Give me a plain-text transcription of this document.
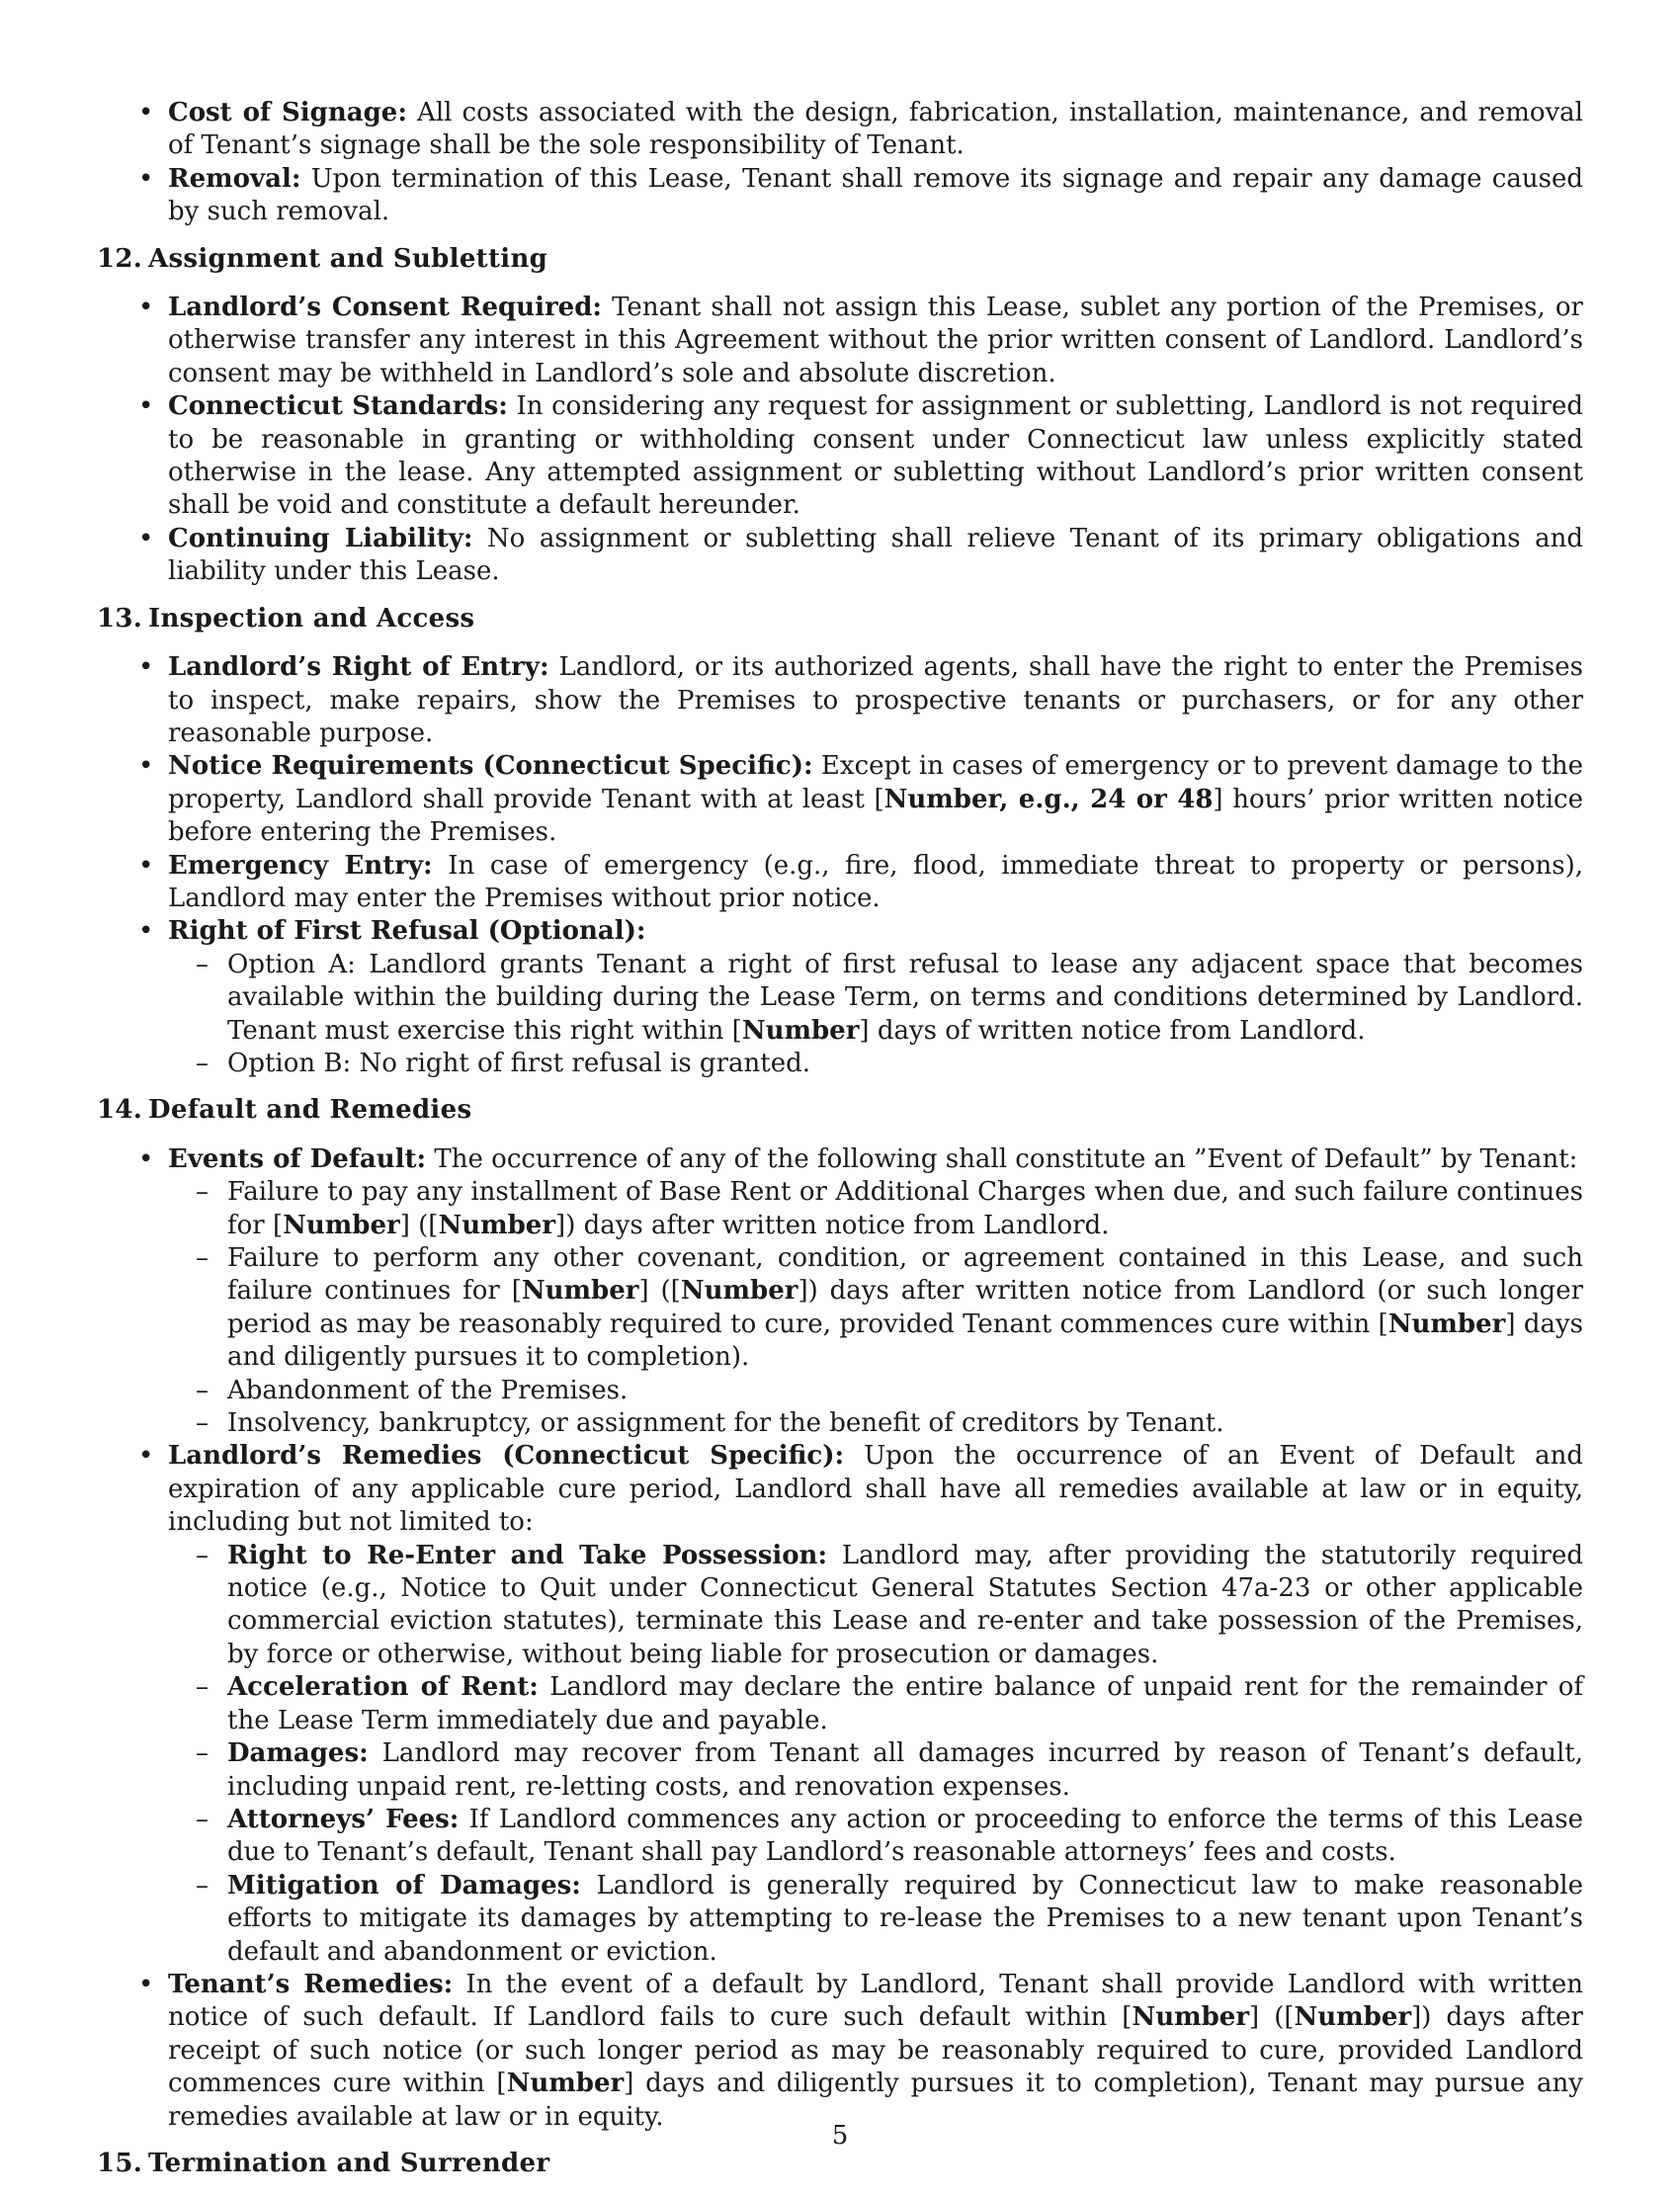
• Cost of Signage: All costs associated with the design, fabrication, installation, maintenance, and removal of Tenant’s signage shall be the sole responsibility of Tenant.
• Removal: Upon termination of this Lease, Tenant shall remove its signage and repair any damage caused by such removal.
12. Assignment and Subletting
• Landlord’s Consent Required: Tenant shall not assign this Lease, sublet any portion of the Premises, or otherwise transfer any interest in this Agreement without the prior written consent of Landlord. Landlord’s consent may be withheld in Landlord’s sole and absolute discretion.
• Connecticut Standards: In considering any request for assignment or subletting, Landlord is not required to be reasonable in granting or withholding consent under Connecticut law unless explicitly stated otherwise in the lease. Any attempted assignment or subletting without Landlord’s prior written consent shall be void and constitute a default hereunder.
• Continuing Liability: No assignment or subletting shall relieve Tenant of its primary obligations and liability under this Lease.
13. Inspection and Access
• Landlord’s Right of Entry: Landlord, or its authorized agents, shall have the right to enter the Premises to inspect, make repairs, show the Premises to prospective tenants or purchasers, or for any other reasonable purpose.
• Notice Requirements (Connecticut Specific): Except in cases of emergency or to prevent damage to the property, Landlord shall provide Tenant with at least [Number, e.g., 24 or 48] hours’ prior written notice before entering the Premises.
• Emergency Entry: In case of emergency (e.g., fire, flood, immediate threat to property or persons), Landlord may enter the Premises without prior notice.
• Right of First Refusal (Optional):
– Option A: Landlord grants Tenant a right of first refusal to lease any adjacent space that becomes available within the building during the Lease Term, on terms and conditions determined by Landlord. Tenant must exercise this right within [Number] days of written notice from Landlord.
– Option B: No right of first refusal is granted.
14. Default and Remedies
• Events of Default: The occurrence of any of the following shall constitute an ”Event of Default” by Tenant:
– Failure to pay any installment of Base Rent or Additional Charges when due, and such failure continues for [Number] ([Number]) days after written notice from Landlord.
– Failure to perform any other covenant, condition, or agreement contained in this Lease, and such failure continues for [Number] ([Number]) days after written notice from Landlord (or such longer period as may be reasonably required to cure, provided Tenant commences cure within [Number] days and diligently pursues it to completion).
– Abandonment of the Premises.
– Insolvency, bankruptcy, or assignment for the benefit of creditors by Tenant.
• Landlord’s Remedies (Connecticut Specific): Upon the occurrence of an Event of Default and expiration of any applicable cure period, Landlord shall have all remedies available at law or in equity, including but not limited to:
– Right to Re-Enter and Take Possession: Landlord may, after providing the statutorily required notice (e.g., Notice to Quit under Connecticut General Statutes Section 47a-23 or other applicable commercial eviction statutes), terminate this Lease and re-enter and take possession of the Premises, by force or otherwise, without being liable for prosecution or damages.
– Acceleration of Rent: Landlord may declare the entire balance of unpaid rent for the remainder of the Lease Term immediately due and payable.
– Damages: Landlord may recover from Tenant all damages incurred by reason of Tenant’s default, including unpaid rent, re-letting costs, and renovation expenses.
– Attorneys’ Fees: If Landlord commences any action or proceeding to enforce the terms of this Lease due to Tenant’s default, Tenant shall pay Landlord’s reasonable attorneys’ fees and costs.
– Mitigation of Damages: Landlord is generally required by Connecticut law to make reasonable efforts to mitigate its damages by attempting to re-lease the Premises to a new tenant upon Tenant’s default and abandonment or eviction.
• Tenant’s Remedies: In the event of a default by Landlord, Tenant shall provide Landlord with written notice of such default. If Landlord fails to cure such default within [Number] ([Number]) days after receipt of such notice (or such longer period as may be reasonably required to cure, provided Landlord commences cure within [Number] days and diligently pursues it to completion), Tenant may pursue any remedies available at law or in equity.
15. Termination and Surrender
5
